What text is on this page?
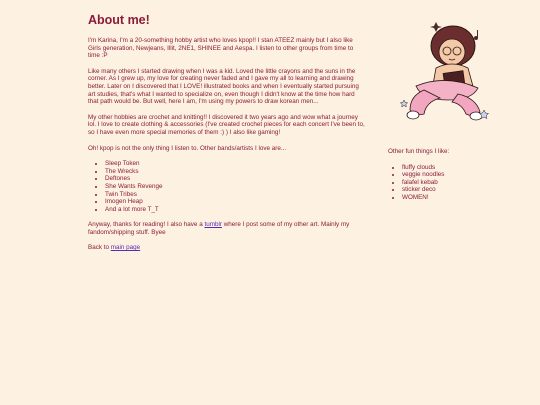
About me!

I'm Karina, I'm a 20-something hobby artist who loves kpop!! I stan ATEEZ mainly but I also like Girls generation, Newjeans, Illit, 2NE1, SHINEE and Aespa. I listen to other groups from time to time :P

Like many others I started drawing when I was a kid. Loved the little crayons and the suns in the corner. As I grew up, my love for creating never faded and I gave my all to learning and drawing better. Later on I discovered that I LOVE! illustrated books and when I eventually started pursuing art studies, that's what I wanted to specialize on, even though I didn't know at the time how hard that path would be. But well, here I am, I'm using my powers to draw korean men...

My other hobbies are crochet and knitting!! I discovered it two years ago and wow what a journey lol. I love to create clothing & accessories (I've created crochet pieces for each concert I've been to, so I have even more special memories of them :) ) I also like gaming!

Oh! kpop is not the only thing I listen to. Other bands/artists I love are...

• Sleep Token
• The Wrecks
• Deftones
• She Wants Revenge
• Twin Tribes
• Imogen Heap
• And a lot more T_T

Anyway, thanks for reading! I also have a tumblr where I post some of my other art. Mainly my fandom/shipping stuff. Byee

Back to main page

Other fun things I like:

• fluffy clouds
• veggie noodles
• falafel kebab
• sticker deco
• WOMEN!
